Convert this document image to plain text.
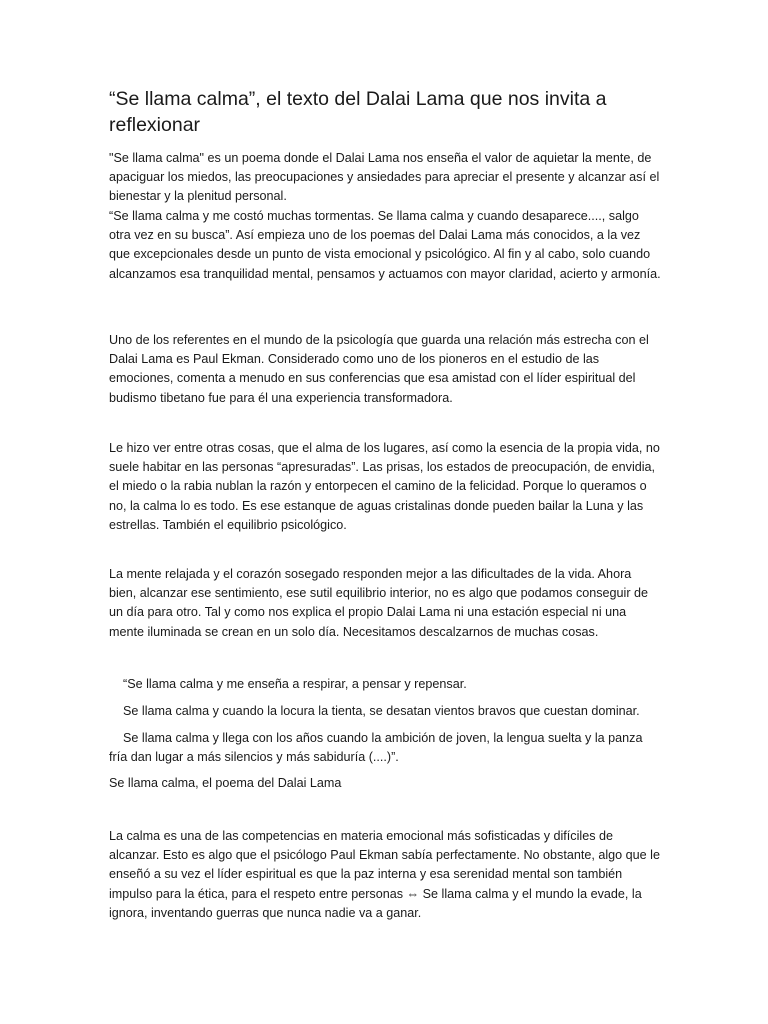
“Se llama calma”, el texto del Dalai Lama que nos invita a reflexionar

"Se llama calma" es un poema donde el Dalai Lama nos enseña el valor de aquietar la mente, de apaciguar los miedos, las preocupaciones y ansiedades para apreciar el presente y alcanzar así el bienestar y la plenitud personal.

“Se llama calma y me costó muchas tormentas. Se llama calma y cuando desaparece...., salgo otra vez en su busca”. Así empieza uno de los poemas del Dalai Lama más conocidos, a la vez que excepcionales desde un punto de vista emocional y psicológico. Al fin y al cabo, solo cuando alcanzamos esa tranquilidad mental, pensamos y actuamos con mayor claridad, acierto y armonía.

Uno de los referentes en el mundo de la psicología que guarda una relación más estrecha con el Dalai Lama es Paul Ekman. Considerado como uno de los pioneros en el estudio de las emociones, comenta a menudo en sus conferencias que esa amistad con el líder espiritual del budismo tibetano fue para él una experiencia transformadora.

Le hizo ver entre otras cosas, que el alma de los lugares, así como la esencia de la propia vida, no suele habitar en las personas “apresuradas”. Las prisas, los estados de preocupación, de envidia, el miedo o la rabia nublan la razón y entorpecen el camino de la felicidad. Porque lo queramos o no, la calma lo es todo. Es ese estanque de aguas cristalinas donde pueden bailar la Luna y las estrellas. También el equilibrio psicológico.

La mente relajada y el corazón sosegado responden mejor a las dificultades de la vida. Ahora bien, alcanzar ese sentimiento, ese sutil equilibrio interior, no es algo que podamos conseguir de un día para otro. Tal y como nos explica el propio Dalai Lama ni una estación especial ni una mente iluminada se crean en un solo día. Necesitamos descalzarnos de muchas cosas.

“Se llama calma y me enseña a respirar, a pensar y repensar.

Se llama calma y cuando la locura la tienta, se desatan vientos bravos que cuestan dominar.

Se llama calma y llega con los años cuando la ambición de joven, la lengua suelta y la panza fría dan lugar a más silencios y más sabiduría (....)”.

Se llama calma, el poema del Dalai Lama

La calma es una de las competencias en materia emocional más sofisticadas y difíciles de alcanzar. Esto es algo que el psicólogo Paul Ekman sabía perfectamente. No obstante, algo que le enseñó a su vez el líder espiritual es que la paz interna y esa serenidad mental son también impulso para la ética, para el respeto entre personas ⇔ Se llama calma y el mundo la evade, la ignora, inventando guerras que nunca nadie va a ganar.
